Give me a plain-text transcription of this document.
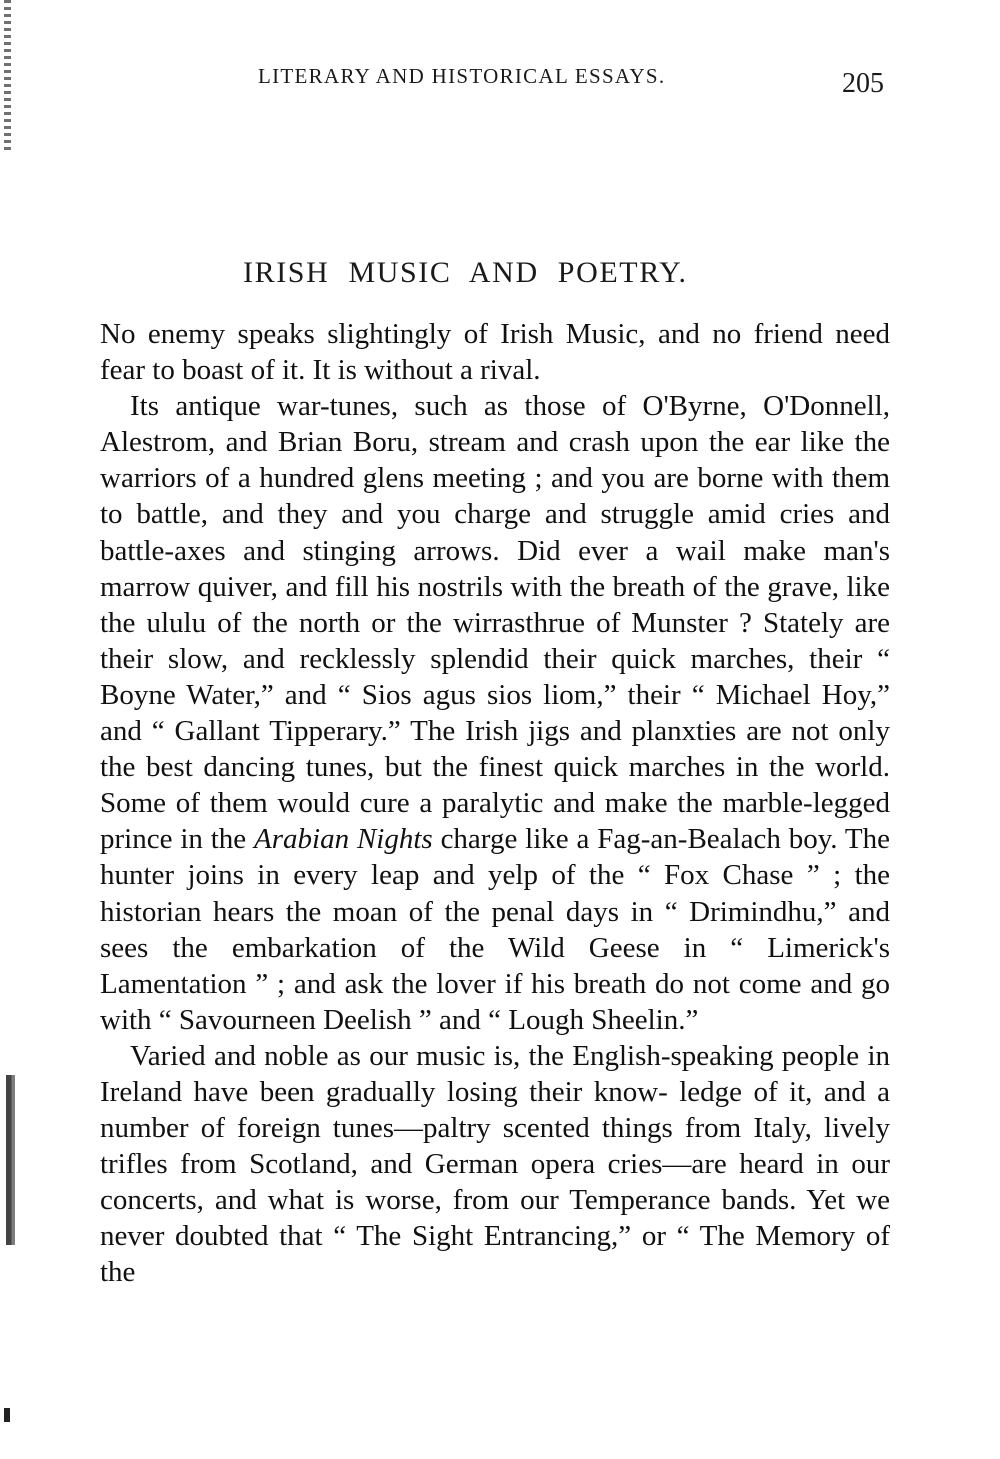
LITERARY AND HISTORICAL ESSAYS.	205
IRISH MUSIC AND POETRY.

No enemy speaks slightingly of Irish Music, and no friend need fear to boast of it. It is without a rival.

Its antique war-tunes, such as those of O'Byrne, O'Donnell, Alestrom, and Brian Boru, stream and crash upon the ear like the warriors of a hundred glens meeting ; and you are borne with them to battle, and they and you charge and struggle amid cries and battle-axes and stinging arrows. Did ever a wail make man's marrow quiver, and fill his nostrils with the breath of the grave, like the ululu of the north or the wirrasthrue of Munster ? Stately are their slow, and recklessly splendid their quick marches, their “ Boyne Water,” and “ Sios agus sios liom,” their “ Michael Hoy,” and “ Gallant Tipperary.” The Irish jigs and planxties are not only the best dancing tunes, but the finest quick marches in the world. Some of them would cure a paralytic and make the marble-legged prince in the Arabian Nights charge like a Fag-an-Bealach boy. The hunter joins in every leap and yelp of the “ Fox Chase ” ; the historian hears the moan of the penal days in “ Drimindhu,” and sees the embarkation of the Wild Geese in “ Limerick's Lamentation ” ; and ask the lover if his breath do not come and go with “ Savourneen Deelish ” and “ Lough Sheelin.”

Varied and noble as our music is, the English-speaking people in Ireland have been gradually losing their know- ledge of it, and a number of foreign tunes—paltry scented things from Italy, lively trifles from Scotland, and German opera cries—are heard in our concerts, and what is worse, from our Temperance bands. Yet we never doubted that “ The Sight Entrancing,” or “ The Memory of the
